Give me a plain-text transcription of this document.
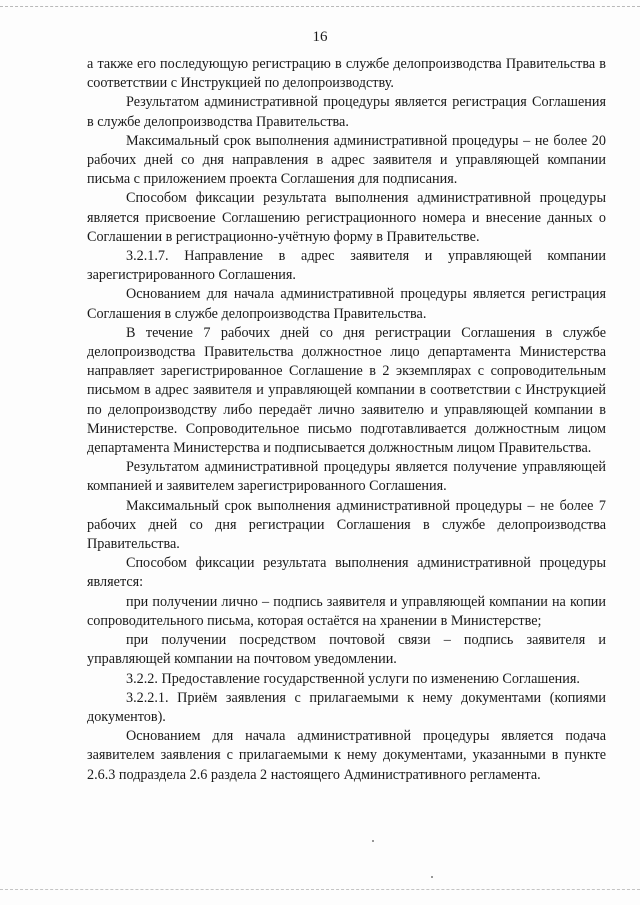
16

а также его последующую регистрацию в службе делопроизводства Правительства в соответствии с Инструкцией по делопроизводству.

Результатом административной процедуры является регистрация Соглашения в службе делопроизводства Правительства.

Максимальный срок выполнения административной процедуры – не более 20 рабочих дней со дня направления в адрес заявителя и управляющей компании письма с приложением проекта Соглашения для подписания.

Способом фиксации результата выполнения административной процедуры является присвоение Соглашению регистрационного номера и внесение данных о Соглашении в регистрационно-учётную форму в Правительстве.

3.2.1.7. Направление в адрес заявителя и управляющей компании зарегистрированного Соглашения.

Основанием для начала административной процедуры является регистрация Соглашения в службе делопроизводства Правительства.

В течение 7 рабочих дней со дня регистрации Соглашения в службе делопроизводства Правительства должностное лицо департамента Министерства направляет зарегистрированное Соглашение в 2 экземплярах с сопроводительным письмом в адрес заявителя и управляющей компании в соответствии с Инструкцией по делопроизводству либо передаёт лично заявителю и управляющей компании в Министерстве. Сопроводительное письмо подготавливается должностным лицом департамента Министерства и подписывается должностным лицом Правительства.

Результатом административной процедуры является получение управляющей компанией и заявителем зарегистрированного Соглашения.

Максимальный срок выполнения административной процедуры – не более 7 рабочих дней со дня регистрации Соглашения в службе делопроизводства Правительства.

Способом фиксации результата выполнения административной процедуры является:

при получении лично – подпись заявителя и управляющей компании на копии сопроводительного письма, которая остаётся на хранении в Министерстве;

при получении посредством почтовой связи – подпись заявителя и управляющей компании на почтовом уведомлении.

3.2.2. Предоставление государственной услуги по изменению Соглашения.

3.2.2.1. Приём заявления с прилагаемыми к нему документами (копиями документов).

Основанием для начала административной процедуры является подача заявителем заявления с прилагаемыми к нему документами, указанными в пункте 2.6.3 подраздела 2.6 раздела 2 настоящего Административного регламента.
